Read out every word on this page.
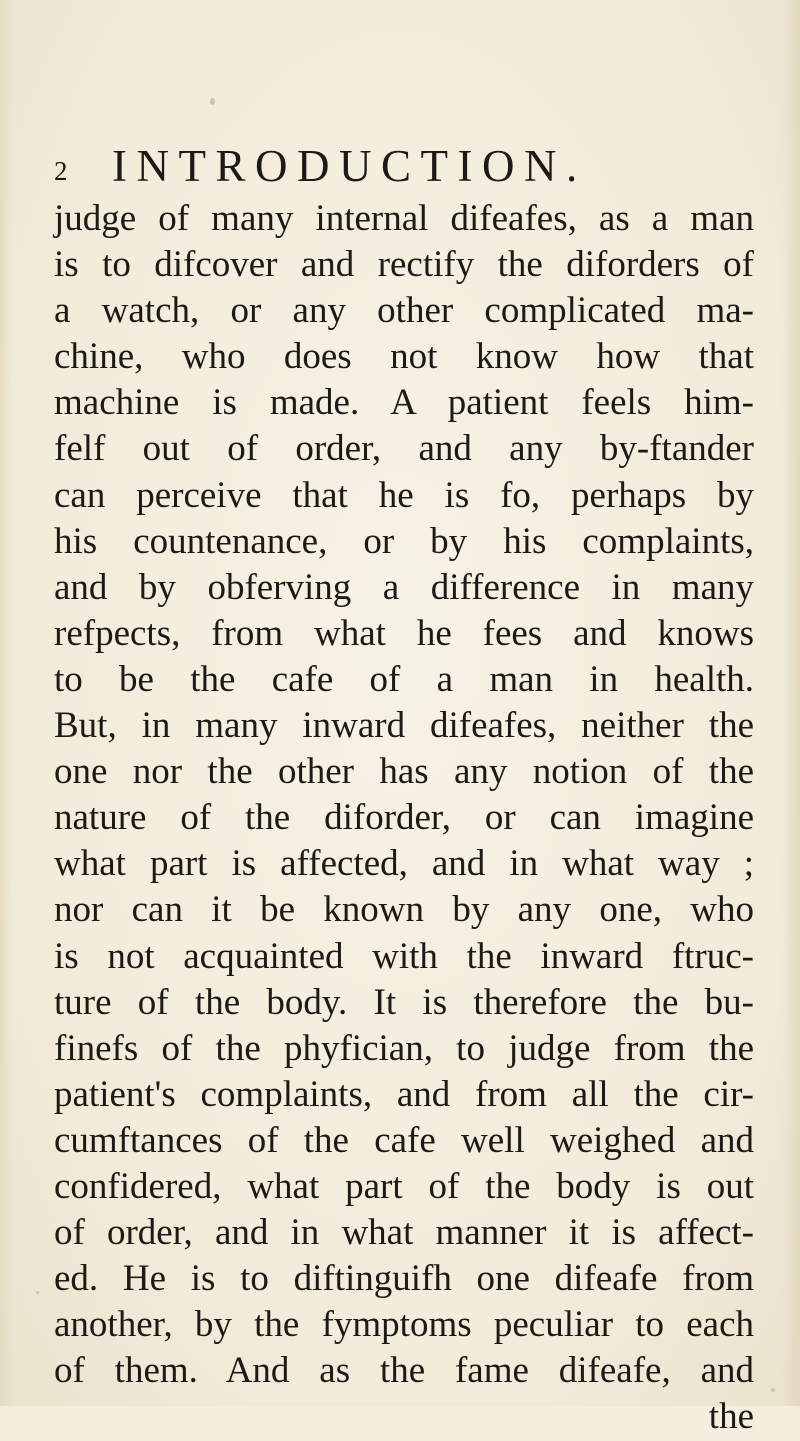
2 INTRODUCTION.
judge of many internal difeafes, as a man
is to difcover and rectify the diforders of
a watch, or any other complicated ma-
chine, who does not know how that
machine is made. A patient feels him-
felf out of order, and any by-ftander
can perceive that he is fo, perhaps by
his countenance, or by his complaints,
and by obferving a difference in many
refpects, from what he fees and knows
to be the cafe of a man in health.
But, in many inward difeafes, neither the
one nor the other has any notion of the
nature of the diforder, or can imagine
what part is affected, and in what way ;
nor can it be known by any one, who
is not acquainted with the inward ftruc-
ture of the body. It is therefore the bu-
finefs of the phyfician, to judge from the
patient's complaints, and from all the cir-
cumftances of the cafe well weighed and
confidered, what part of the body is out
of order, and in what manner it is affect-
ed. He is to diftinguifh one difeafe from
another, by the fymptoms peculiar to each
of them. And as the fame difeafe, and
the
